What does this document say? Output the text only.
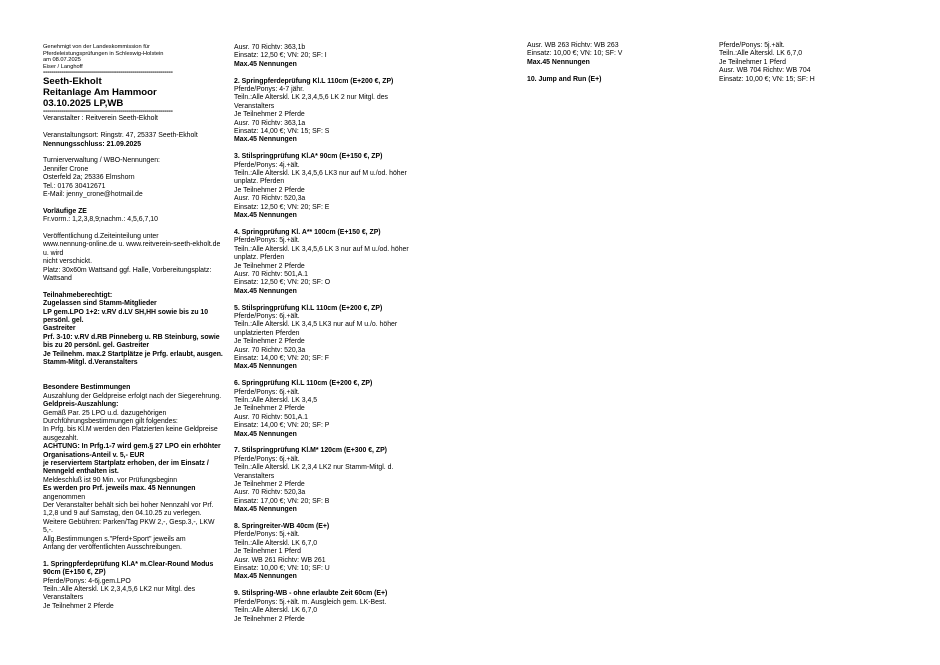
Genehmigt von der Landeskommission für
Pferdeleistungsprüfungen in Schleswig-Holstein
am 08.07.2025
Eiser / Langhoff
-----------------------------------------------------------------
Seeth-Ekholt
Reitanlage Am Hammoor
03.10.2025 LP,WB
-----------------------------------------------------------------
Veranstalter : Reitverein Seeth-Ekholt
Veranstaltungsort: Ringstr. 47, 25337 Seeth-Ekholt
Nennungsschluss: 21.09.2025
Turnierverwaltung / WBO-Nennungen:
Jennifer Crone
Osterfeld 2a; 25336 Elmshorn
Tel.: 0176 30412671
E-Mail: jenny_crone@hotmail.de
Vorläufige ZE
Fr.vorm.: 1,2,3,8,9;nachm.: 4,5,6,7,10
Veröffentlichung d.Zeiteinteilung unter
www.nennung-online.de u. www.reitverein-seeth-ekholt.de
u. wird
nicht verschickt.
Platz: 30x60m Wattsand ggf. Halle, Vorbereitungsplatz:
Wattsand
Teilnahmeberechtigt:
Zugelassen sind Stamm-Mitglieder
LP gem.LPO 1+2: v.RV d.LV SH,HH sowie bis zu 10
persönl. gel.
Gastreiter
Prf. 3-10: v.RV d.RB Pinneberg u. RB Steinburg, sowie
bis zu 20 persönl. gel. Gastreiter
Je Teilnehm. max.2 Startplätze je Prfg. erlaubt, ausgen.
Stamm-Mitgl. d.Veranstalters
Besondere Bestimmungen
Auszahlung der Geldpreise erfolgt nach der Siegerehrung.
Geldpreis-Auszahlung:
Gemäß Par. 25 LPO u.d. dazugehörigen
Durchführungsbestimmungen gilt folgendes:
In Prfg. bis Kl.M werden den Platzierten keine Geldpreise
ausgezahlt.
ACHTUNG: In Prfg.1-7 wird gem.§ 27 LPO ein erhöhter
Organisations-Anteil v. 5,- EUR
je reserviertem Startplatz erhoben, der im Einsatz /
Nenngeld enthalten ist.
Meldeschluß ist 90 Min. vor Prüfungsbeginn
Es werden pro Prf. jeweils max. 45 Nennungen
angenommen
Der Veranstalter behält sich bei hoher Nennzahl vor Prf.
1,2,8 und 9 auf Samstag, den 04.10.25 zu verlegen.
Weitere Gebühren: Parken/Tag PKW 2,-, Gesp.3,-, LKW
5,-.
Allg.Bestimmungen s."Pferd+Sport" jeweils am
Anfang der veröffentlichten Ausschreibungen.
1. Springpferdeprüfung Kl.A* m.Clear-Round Modus
90cm (E+150 €, ZP)
Pferde/Ponys: 4-6j.gem.LPO
Teiln.:Alle Alterskl. LK 2,3,4,5,6 LK2 nur Mitgl. des
Veranstalters
Je Teilnehmer 2 Pferde
Ausr. 70 Richtv: 363,1b
Einsatz: 12,50 €; VN: 20; SF: I
Max.45 Nennungen
2. Springpferdeprüfung Kl.L 110cm (E+200 €, ZP)
Pferde/Ponys: 4-7 jähr.
Teiln.:Alle Alterskl. LK 2,3,4,5,6 LK 2 nur Mitgl. des
Veranstalters
Je Teilnehmer 2 Pferde
Ausr. 70 Richtv: 363,1a
Einsatz: 14,00 €; VN: 15; SF: S
Max.45 Nennungen
3. Stilspringprüfung Kl.A* 90cm (E+150 €, ZP)
Pferde/Ponys: 4j.+ält.
Teiln.:Alle Alterskl. LK 3,4,5,6 LK3 nur auf M u./od. höher
unplatz. Pferden
Je Teilnehmer 2 Pferde
Ausr. 70 Richtv: 520,3a
Einsatz: 12,50 €; VN: 20; SF: E
Max.45 Nennungen
4. Springprüfung Kl. A** 100cm (E+150 €, ZP)
Pferde/Ponys: 5j.+ält.
Teiln.:Alle Alterskl. LK 3,4,5,6 LK 3 nur auf M u./od. höher
unplatz. Pferden
Je Teilnehmer 2 Pferde
Ausr. 70 Richtv: 501,A.1
Einsatz: 12,50 €; VN: 20; SF: O
Max.45 Nennungen
5. Stilspringprüfung Kl.L 110cm (E+200 €, ZP)
Pferde/Ponys: 6j.+ält.
Teiln.:Alle Alterskl. LK 3,4,5 LK3 nur auf M u./o. höher
unplatzierten Pferden
Je Teilnehmer 2 Pferde
Ausr. 70 Richtv: 520,3a
Einsatz: 14,00 €; VN: 20; SF: F
Max.45 Nennungen
6. Springprüfung Kl.L 110cm (E+200 €, ZP)
Pferde/Ponys: 6j.+ält.
Teiln.:Alle Alterskl. LK 3,4,5
Je Teilnehmer 2 Pferde
Ausr. 70 Richtv: 501,A.1
Einsatz: 14,00 €; VN: 20; SF: P
Max.45 Nennungen
7. Stilspringprüfung Kl.M* 120cm (E+300 €, ZP)
Pferde/Ponys: 6j.+ält.
Teiln.:Alle Alterskl. LK 2,3,4 LK2 nur Stamm-Mitgl. d.
Veranstalters
Je Teilnehmer 2 Pferde
Ausr. 70 Richtv: 520,3a
Einsatz: 17,00 €; VN: 20; SF: B
Max.45 Nennungen
8. Springreiter-WB 40cm (E+)
Pferde/Ponys: 5j.+ält.
Teiln.:Alle Alterskl. LK 6,7,0
Je Teilnehmer 1 Pferd
Ausr. WB 261 Richtv: WB 261
Einsatz: 10,00 €; VN: 10; SF: U
Max.45 Nennungen
9. Stilspring-WB - ohne erlaubte Zeit 60cm (E+)
Pferde/Ponys: 5j.+ält. m. Ausgleich gem. LK-Best.
Teiln.:Alle Alterskl. LK 6,7,0
Je Teilnehmer 2 Pferde
Ausr. WB 263 Richtv: WB 263
Einsatz: 10,00 €; VN: 10; SF: V
Max.45 Nennungen
10. Jump and Run (E+)
Pferde/Ponys: 5j.+ält.
Teiln.:Alle Alterskl. LK 6,7,0
Je Teilnehmer 1 Pferd
Ausr. WB 704 Richtv: WB 704
Einsatz: 10,00 €; VN: 15; SF: H
